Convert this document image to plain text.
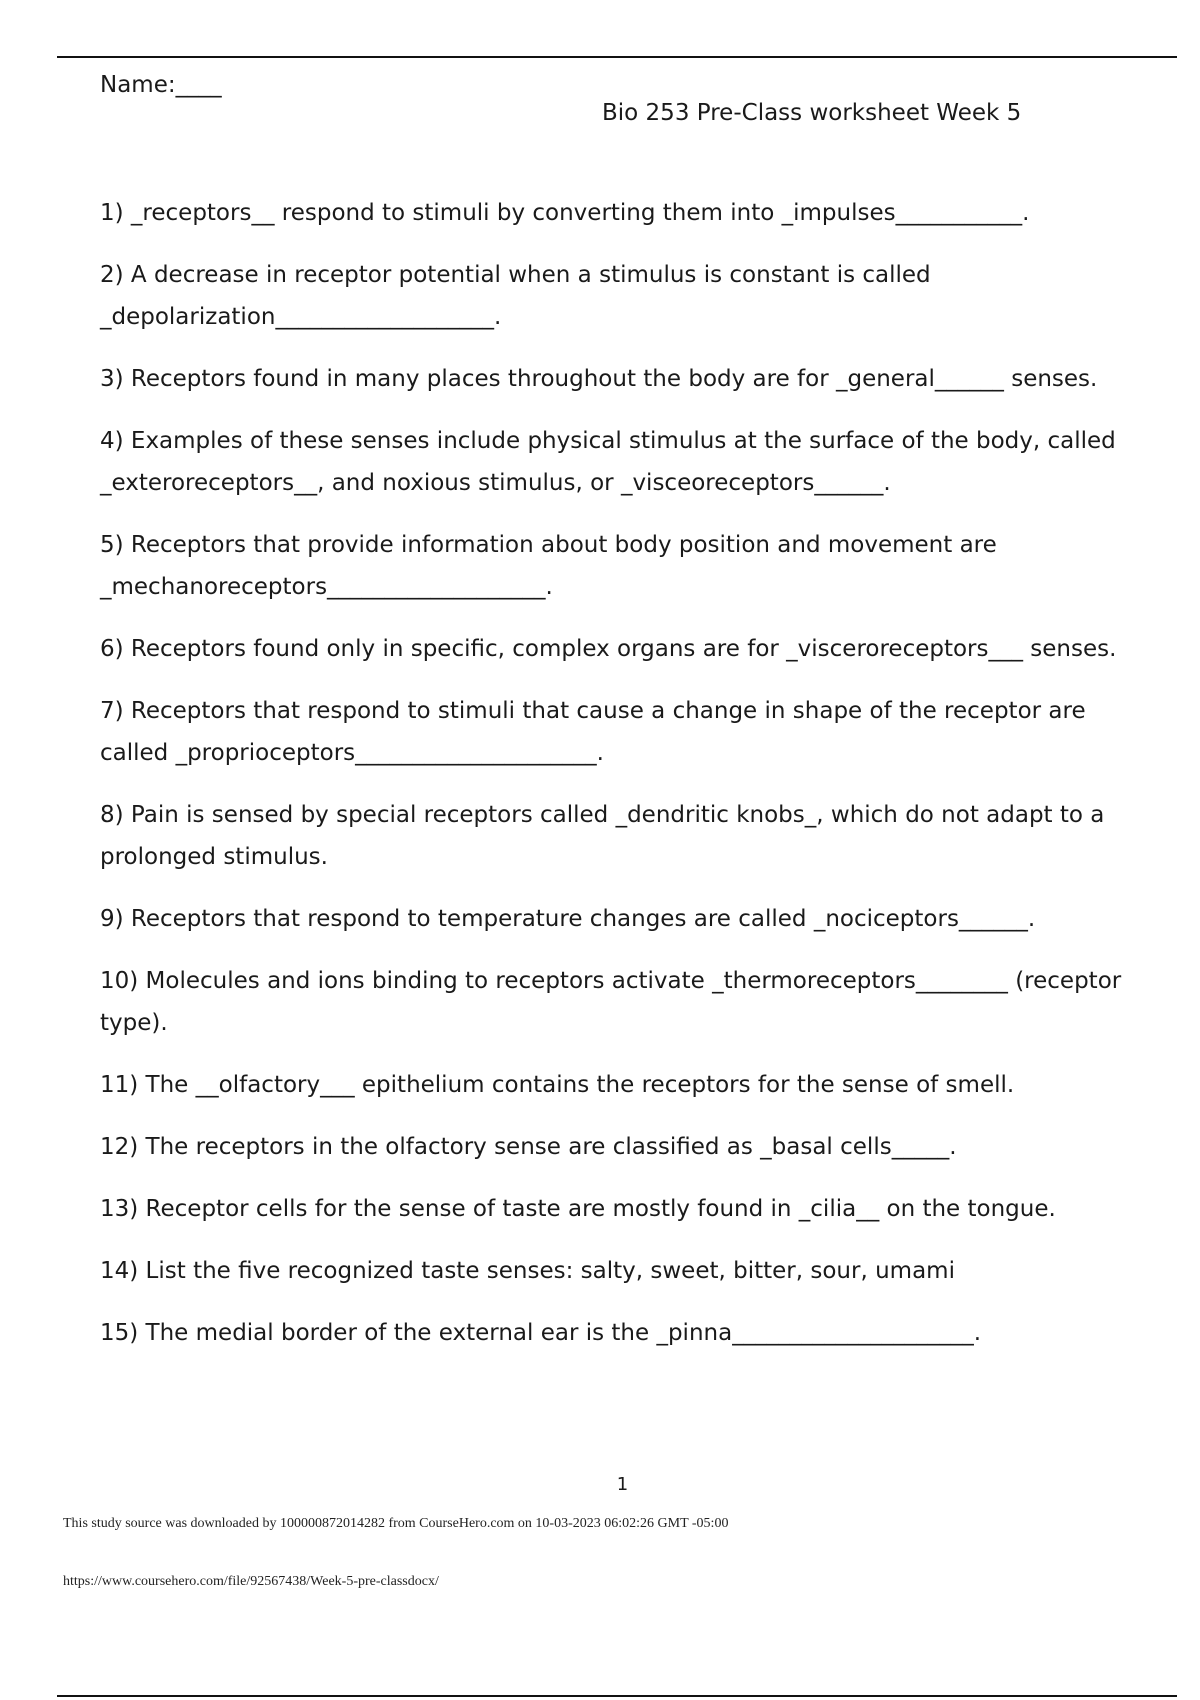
Name:____
Bio 253 Pre-Class worksheet Week 5
1) _receptors__ respond to stimuli by converting them into _impulses___________.
2) A decrease in receptor potential when a stimulus is constant is called _depolarization___________________.
3) Receptors found in many places throughout the body are for _general______ senses.
4) Examples of these senses include physical stimulus at the surface of the body, called _exteroreceptors__, and noxious stimulus, or _visceoreceptors______.
5) Receptors that provide information about body position and movement are _mechanoreceptors___________________.
6) Receptors found only in specific, complex organs are for _visceroreceptors___ senses.
7) Receptors that respond to stimuli that cause a change in shape of the receptor are called _proprioceptors_____________________.
8) Pain is sensed by special receptors called _dendritic knobs_, which do not adapt to a prolonged stimulus.
9) Receptors that respond to temperature changes are called _nociceptors______.
10) Molecules and ions binding to receptors activate _thermoreceptors________ (receptor type).
11) The __olfactory___ epithelium contains the receptors for the sense of smell.
12) The receptors in the olfactory sense are classified as _basal cells_____.
13) Receptor cells for the sense of taste are mostly found in _cilia__ on the tongue.
14) List the five recognized taste senses: salty, sweet, bitter, sour, umami
15) The medial border of the external ear is the _pinna_____________________.
1
This study source was downloaded by 100000872014282 from CourseHero.com on 10-03-2023 06:02:26 GMT -05:00
https://www.coursehero.com/file/92567438/Week-5-pre-classdocx/
